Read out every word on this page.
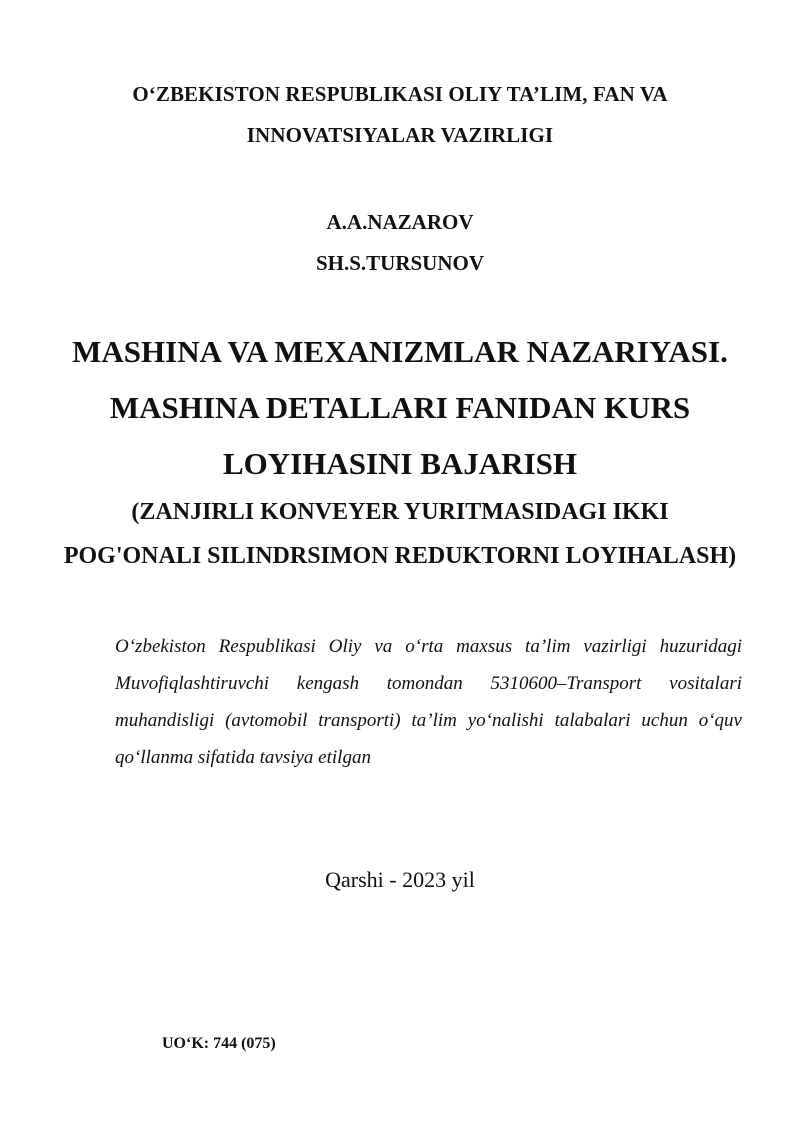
O‘ZBEKISTON RESPUBLIKASI OLIY TA’LIM, FAN VA INNOVATSIYALAR VAZIRLIGI
A.A.NAZAROV
SH.S.TURSUNOV
MASHINA VA MEXANIZMLAR NAZARIYASI. MASHINA DETALLARI FANIDAN KURS LOYIHASINI BAJARISH
(ZANJIRLI KONVEYER YURITMASIDAGI IKKI POG'ONALI SILINDRSIMON REDUKTORNI LOYIHALASH)
O‘zbekiston Respublikasi Oliy va o‘rta maxsus ta’lim vazirligi huzuridagi Muvofiqlashtiruvchi kengash tomondan 5310600–Transport vositalari muhandisligi (avtomobil transporti) ta’lim yo‘nalishi talabalari uchun o‘quv qo‘llanma sifatida tavsiya etilgan
Qarshi - 2023 yil
UO‘K: 744 (075)
